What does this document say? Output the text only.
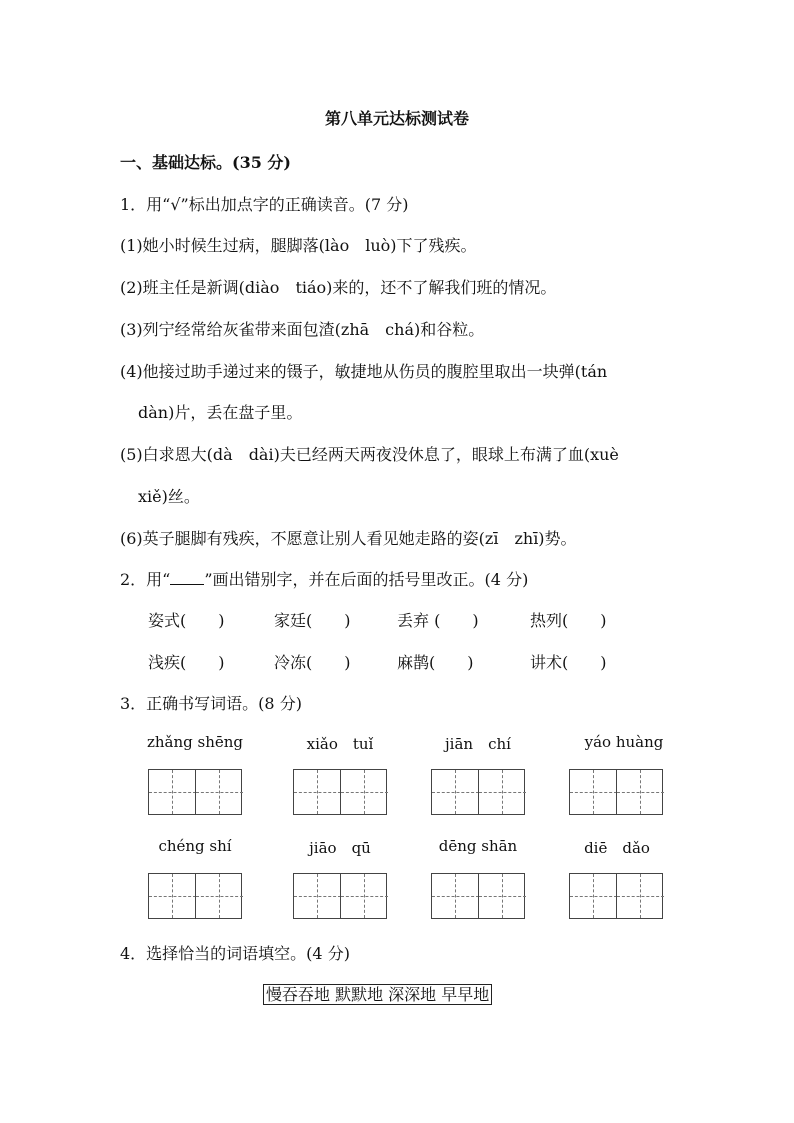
第八单元达标测试卷
一、基础达标。(35 分)
1．用“√”标出加点字的正确读音。(7 分)
(1)她小时候生过病，腿脚落(lào　luò)下了残疾。
(2)班主任是新调(diào　tiáo)来的，还不了解我们班的情况。
(3)列宁经常给灰雀带来面包渣(zhā　chá)和谷粒。
(4)他接过助手递过来的镊子，敏捷地从伤员的腹腔里取出一块弹(tán
dàn)片，丢在盘子里。
(5)白求恩大(dà　dài)夫已经两天两夜没休息了，眼球上布满了血(xuè
xiě)丝。
(6)英子腿脚有残疾，不愿意让别人看见她走路的姿(zī　zhī)势。
2．用“ ”画出错别字，并在后面的括号里改正。(4 分)
姿式(　　)	家廷(　　)	丢弃 (　　)	热列(　　)
浅疾(　　)	冷冻(　　)	麻鹊(　　)	讲术(　　)
3．正确书写词语。(8 分)
zhǎng shēng	xiǎo　tuǐ	jiān　chí	yáo huàng
chéng shí	jiāo　qū	dēng shān	diē　dǎo
4．选择恰当的词语填空。(4 分)
慢吞吞地 默默地 深深地 早早地
